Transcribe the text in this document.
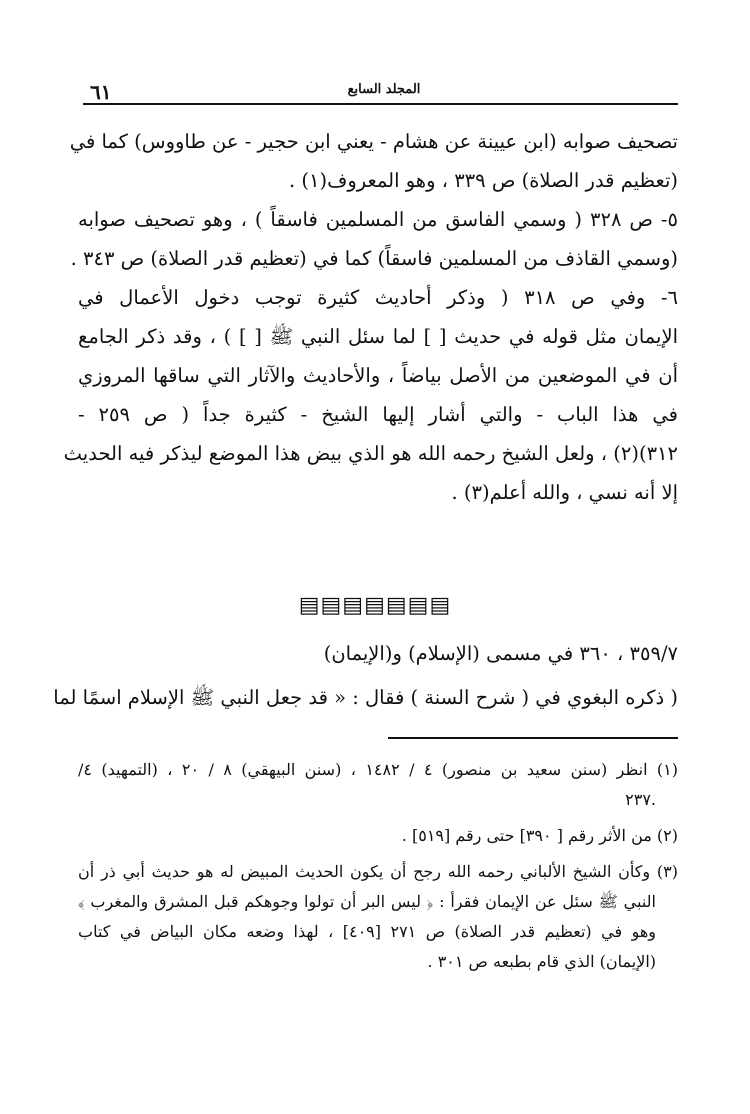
٦١	المجلد السابع

تصحيف صوابه (ابن عيينة عن هشام - يعني ابن حجير - عن طاووس) كما في
(تعظيم قدر الصلاة) ص ٣٣٩ ، وهو المعروف(١) .

٥- ص ٣٢٨ ( وسمي الفاسق من المسلمين فاسقاً ) ، وهو تصحيف صوابه
(وسمي القاذف من المسلمين فاسقاً) كما في (تعظيم قدر الصلاة) ص ٣٤٣ .

٦- وفي ص ٣١٨ ( وذكر أحاديث كثيرة توجب دخول الأعمال في
الإيمان مثل قوله في حديث [ ] لما سئل النبي ﷺ [ ] ) ، وقد ذكر الجامع
أن في الموضعين من الأصل بياضاً ، والأحاديث والآثار التي ساقها المروزي
في هذا الباب - والتي أشار إليها الشيخ - كثيرة جداً ( ص ٢٥٩ -
٣١٢)(٢) ، ولعل الشيخ رحمه الله هو الذي بيض هذا الموضع ليذكر فيه الحديث
إلا أنه نسي ، والله أعلم(٣) .

▤▤▤▤▤▤▤
٣٥٩/٧ ، ٣٦٠ في مسمى (الإسلام) و(الإيمان)
( ذكره البغوي في ( شرح السنة ) فقال : « قد جعل النبي ﷺ الإسلام اسمًا لما

(١) انظر (سنن سعيد بن منصور) ٤ / ١٤٨٢ ، (سنن البيهقي) ٨ / ٢٠ ، (التمهيد) ٤/
.٢٣٧

(٢) من الأثر رقم [ ٣٩٠] حتى رقم [٥١٩] .

(٣) وكأن الشيخ الألباني رحمه الله رجح أن يكون الحديث المبيض له هو حديث أبي ذر أن
النبي ﷺ سئل عن الإيمان فقرأ : ﴿ ليس البر أن تولوا وجوهكم قبل المشرق والمغرب ﴾
وهو في (تعظيم قدر الصلاة) ص ٢٧١ [٤٠٩] ، لهذا وضعه مكان البياض في كتاب
(الإيمان) الذي قام بطبعه ص ٣٠١ .
